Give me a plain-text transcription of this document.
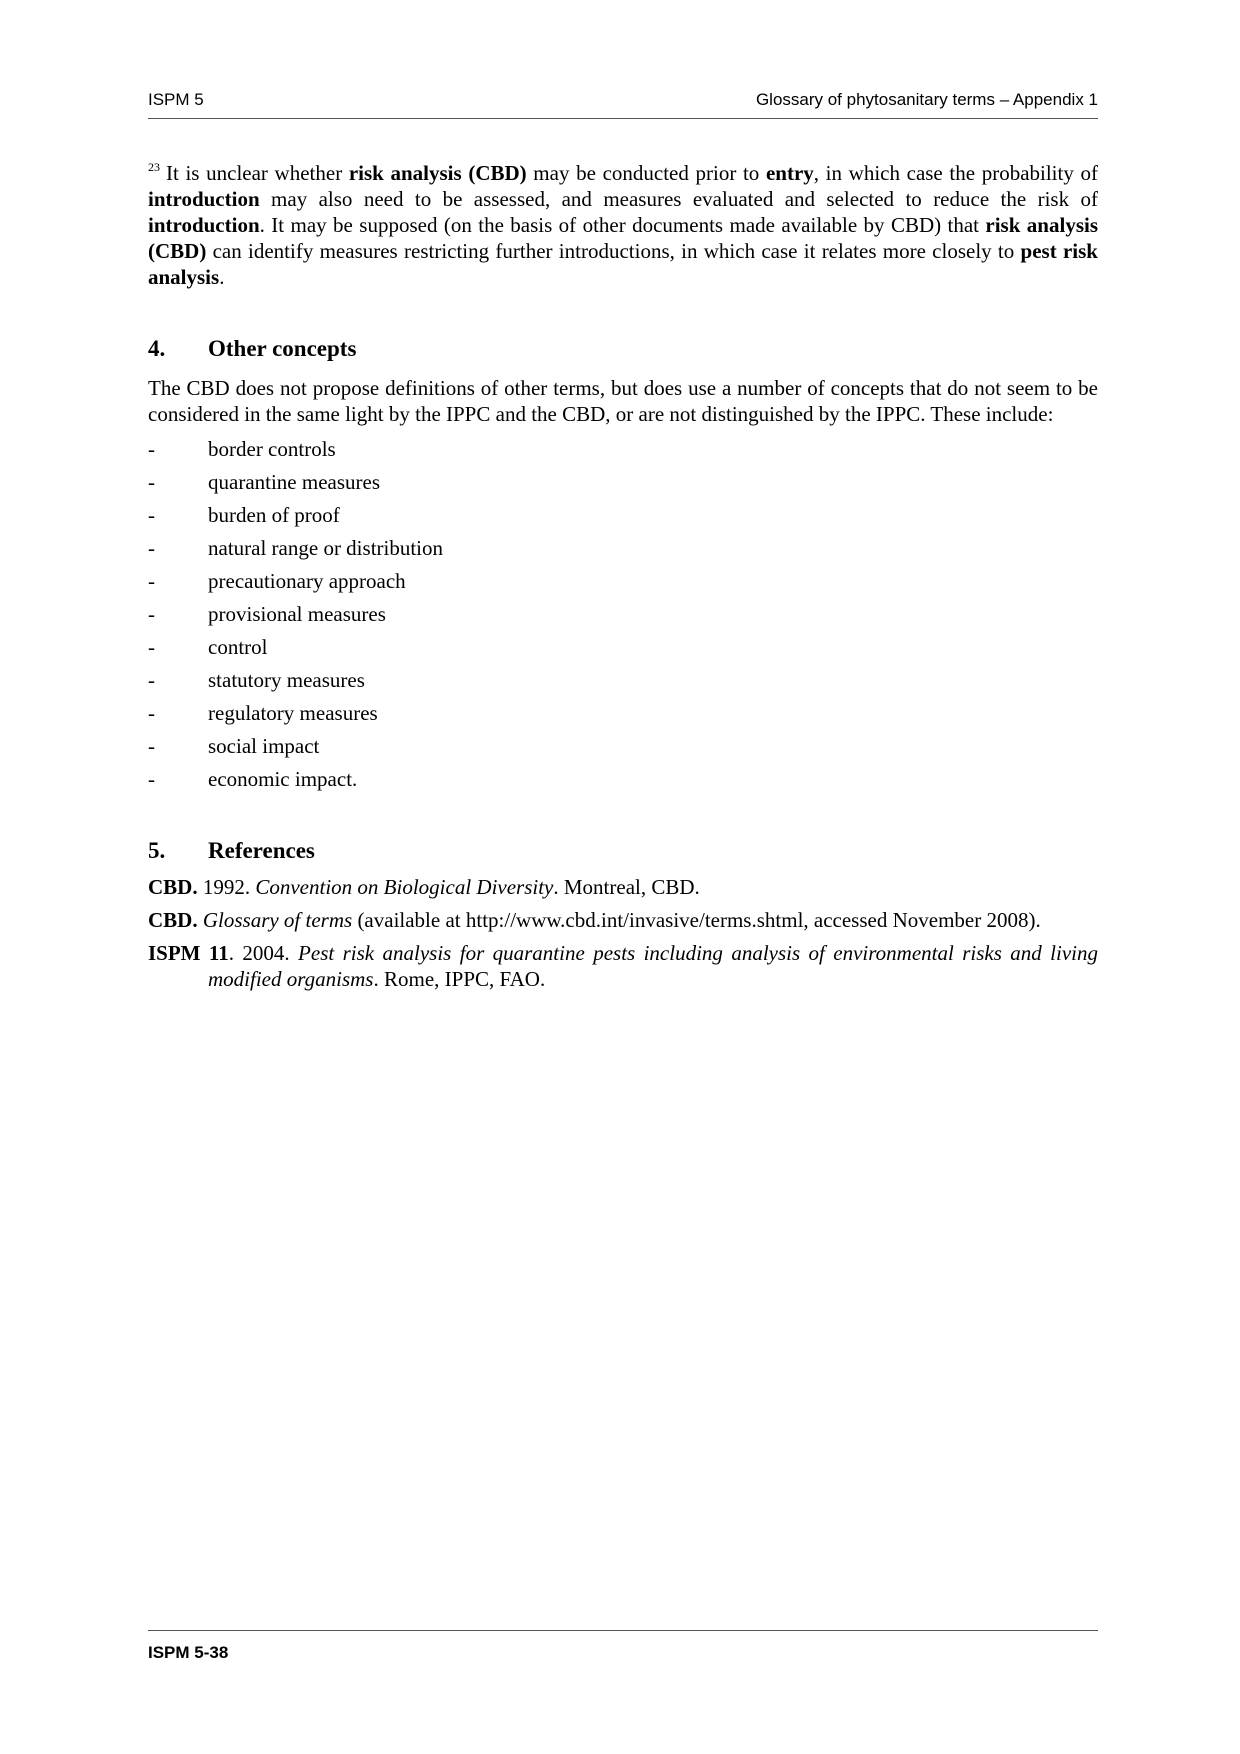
ISPM 5	Glossary of phytosanitary terms – Appendix 1

$^{23}$ It is unclear whether risk analysis (CBD) may be conducted prior to entry, in which case the probability of introduction may also need to be assessed, and measures evaluated and selected to reduce the risk of introduction. It may be supposed (on the basis of other documents made available by CBD) that risk analysis (CBD) can identify measures restricting further introductions, in which case it relates more closely to pest risk analysis.

4. Other concepts

The CBD does not propose definitions of other terms, but does use a number of concepts that do not seem to be considered in the same light by the IPPC and the CBD, or are not distinguished by the IPPC. These include:

-	border controls
-	quarantine measures
-	burden of proof
-	natural range or distribution
-	precautionary approach
-	provisional measures
-	control
-	statutory measures
-	regulatory measures
-	social impact
-	economic impact.
5. References

CBD. 1992. Convention on Biological Diversity. Montreal, CBD.

CBD. Glossary of terms (available at http://www.cbd.int/invasive/terms.shtml, accessed November 2008).

ISPM 11. 2004. Pest risk analysis for quarantine pests including analysis of environmental risks and living modified organisms. Rome, IPPC, FAO.

ISPM 5-38
